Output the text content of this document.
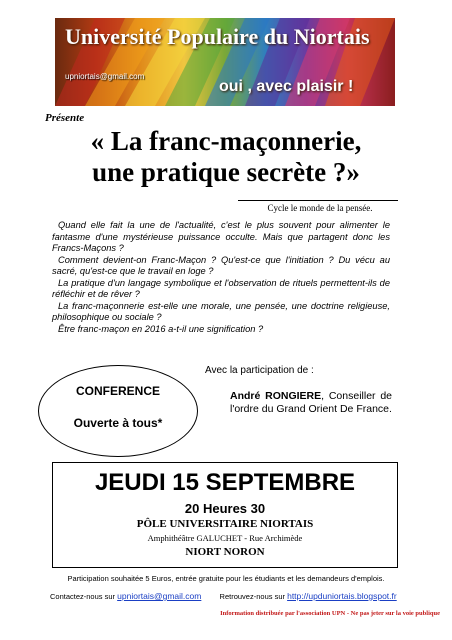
Université Populaire du Niortais
upniortais@gmail.com
oui , avec plaisir !
Présente
« La franc-maçonnerie,
une pratique secrète ?»
Cycle le monde de la pensée.

Quand elle fait la une de l'actualité, c'est le plus souvent pour alimenter le fantasme d'une mystérieuse puissance occulte. Mais que partagent donc les Francs-Maçons ?

Comment devient-on Franc-Maçon ? Qu'est-ce que l'initiation ? Du vécu au sacré, qu'est-ce que le travail en loge ?

La pratique d'un langage symbolique et l'observation de rituels permettent-ils de réfléchir et de rêver ?

La franc-maçonnerie est-elle une morale, une pensée, une doctrine religieuse, philosophique ou sociale ?

Être franc-maçon en 2016 a-t-il une signification ?

CONFERENCE
Ouverte à tous*
Avec la participation de :
André RONGIERE, Conseiller de l'ordre du Grand Orient De France.
JEUDI 15 SEPTEMBRE
20 Heures 30
PÔLE UNIVERSITAIRE NIORTAIS
Amphithéâtre GALUCHET - Rue Archimède
NIORT NORON
Participation souhaitée 5 Euros, entrée gratuite pour les étudiants et les demandeurs d'emplois.
Contactez-nous sur upniortais@gmail.com Retrouvez-nous sur http://upduniortais.blogspot.fr
Information distribuée par l'association UPN - Ne pas jeter sur la voie publique
